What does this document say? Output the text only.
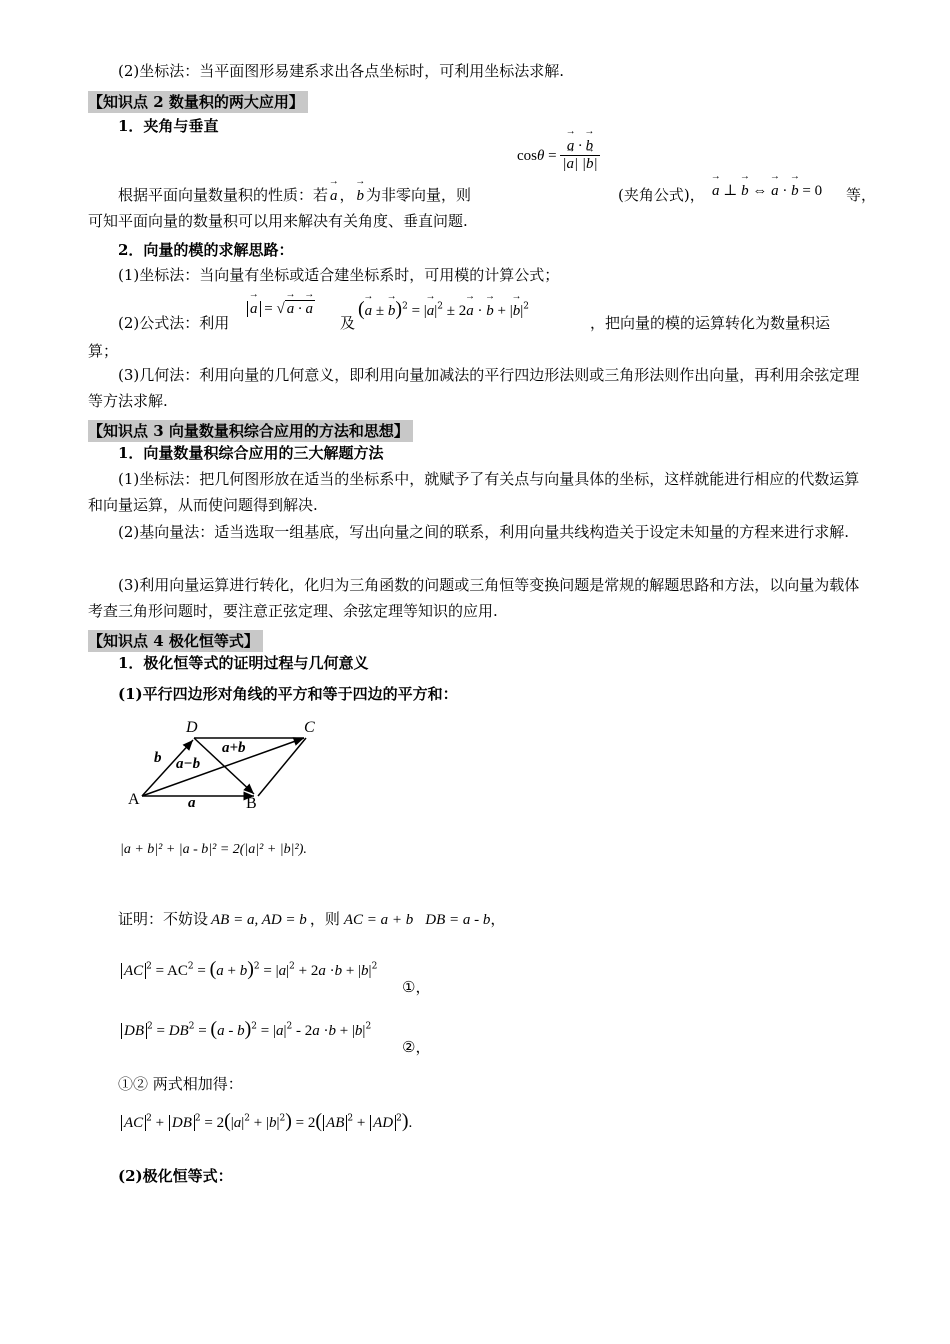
(2)坐标法：当平面图形易建系求出各点坐标时，可利用坐标法求解.

【知识点 2 数量积的两大应用】
1．夹角与垂直
cosθ = → $\frac{a \cdot \to b}{|\to a| |\to b|}$
根据平面向量数量积的性质：若 → a ， → b 为非零向量，则	(夹角公式)， → a ⊥ → b ⇔ → a · → b = 0 等，

可知平面向量的数量积可以用来解决有关角度、垂直问题.

2．向量的模的求解思路：

(1)坐标法：当向量有坐标或适合建坐标系时，可用模的计算公式；

(2)公式法：利用
→ a = √ → a · → a
及
(→ a ± → b)$^2$ = |→ $a|^2 \pm 2\to a$ · → b + |→ $b|^2$
，把向量的模的运算转化为数量积运

算；

(3)几何法：利用向量的几何意义，即利用向量加减法的平行四边形法则或三角形法则作出向量，再利用余弦定理等方法求解.

【知识点 3 向量数量积综合应用的方法和思想】
1．向量数量积综合应用的三大解题方法

(1)坐标法：把几何图形放在适当的坐标系中，就赋予了有关点与向量具体的坐标，这样就能进行相应的代数运算和向量运算，从而使问题得到解决.

(2)基向量法：适当选取一组基底，写出向量之间的联系，利用向量共线构造关于设定未知量的方程来进行求解.

(3)利用向量运算进行转化，化归为三角函数的问题或三角恒等变换问题是常规的解题思路和方法，以向量为载体考查三角形问题时，要注意正弦定理、余弦定理等知识的应用.

【知识点 4 极化恒等式】
1．极化恒等式的证明过程与几何意义
(1)平行四边形对角线的平方和等于四边的平方和：
A	B
C
D
a
b
a+b
a−b
|a + b|² + |a - b|² = 2(|a|² + |b|²).
证明：不妨设 AB = a, AD = b ，则 AC = a + b DB = a - b，
AC $^2 = AC^2 = (a + b)^2 = |a|^2 + 2a \cdot b + |b|^2$
①，
DB $^2 = DB^2 = (a - b)^2 = |a|^2 - 2a \cdot b + |b|^2$
②，
①② 两式相加得：
AC $^2$ + DB $^2 = 2(|a|^2 + |b|^2) = 2$( AB $^2$ + AD $^2$).
(2)极化恒等式：
